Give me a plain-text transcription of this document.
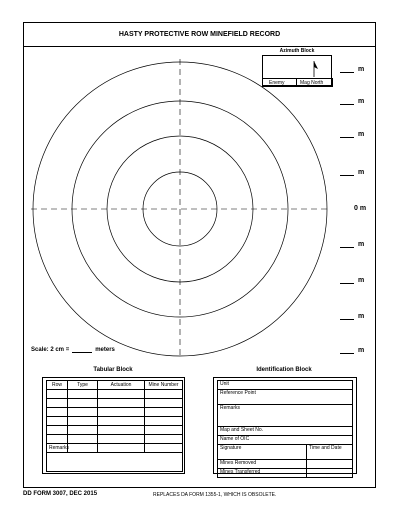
HASTY PROTECTIVE ROW MINEFIELD RECORD
Azimuth Block
Enemy	Mag North
m
m
m
m
0 m
m
m
m
m
Scale: 2 cm =	meters
Tabular Block
Row	Type	Actuation	Mine Number

Remarks
Identification Block
Unit	
Reference Point	
Remarks	
Map and Sheet No.	
Name of OIC	
Signature	Time and Date
Mines Removed	
Mines Transferred	
DD FORM 3007, DEC 2015	REPLACES DA FORM 1355-1, WHICH IS OBSOLETE.
